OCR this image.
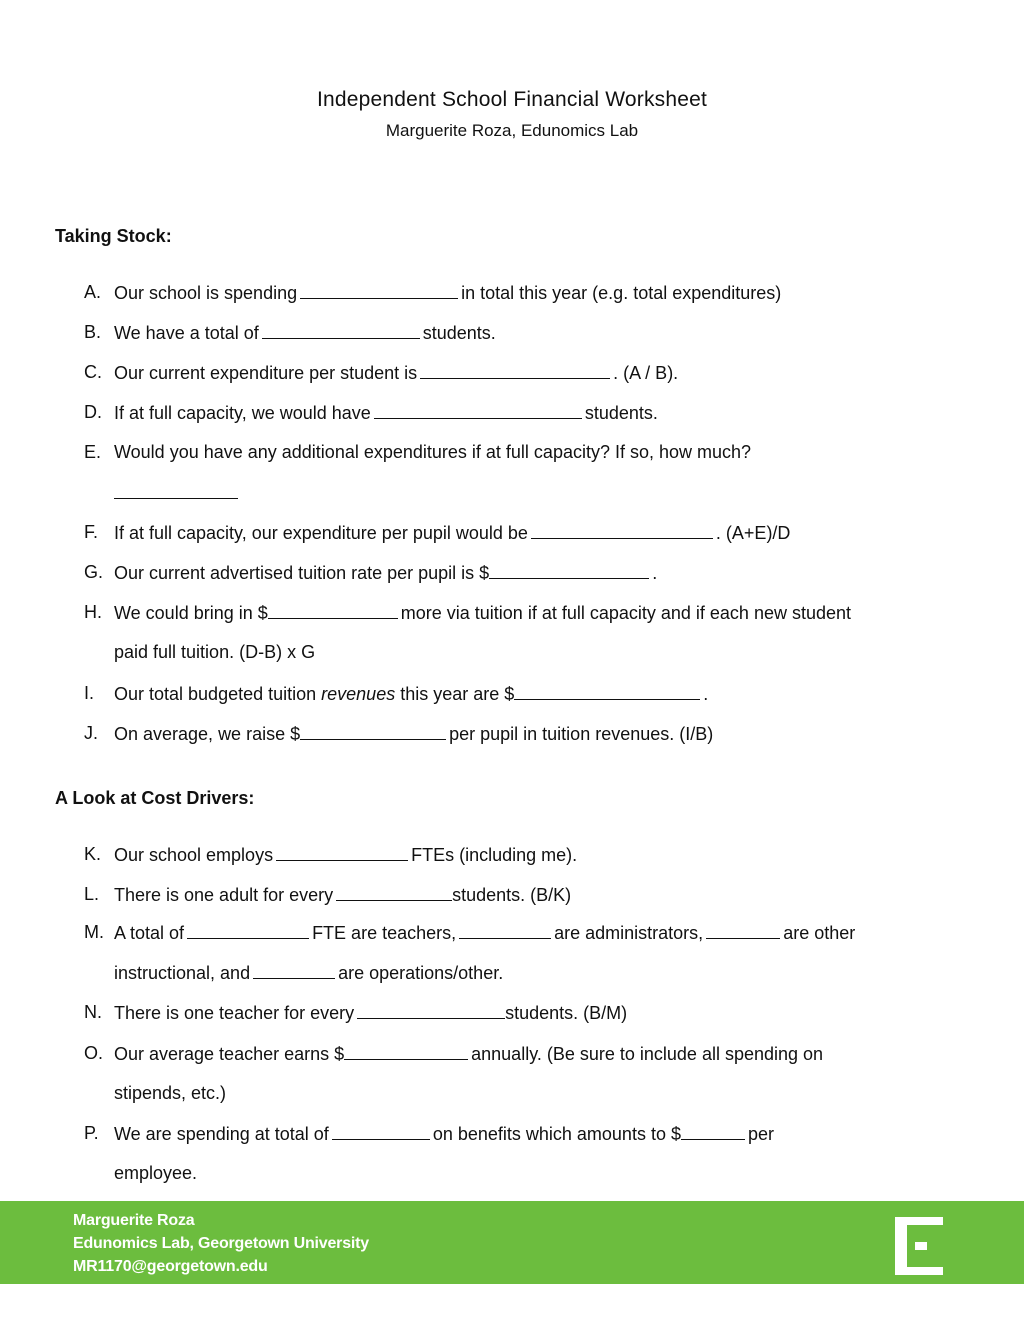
Independent School Financial Worksheet
Marguerite Roza, Edunomics Lab
Taking Stock:
A. Our school is spending	in total this year (e.g. total expenditures)
B. We have a total of	students.
C. Our current expenditure per student is	. (A / B).
D. If at full capacity, we would have	students.
E. Would you have any additional expenditures if at full capacity? If so, how much?
F. If at full capacity, our expenditure per pupil would be	. (A+E)/D
G. Our current advertised tuition rate per pupil is $	.
H. We could bring in $	more via tuition if at full capacity and if each new student
paid full tuition. (D-B) x G
I.	Our total budgeted tuition revenues this year are $	.
J. On average, we raise $	per pupil in tuition revenues. (I/B)
A Look at Cost Drivers:
K. Our school employs	FTEs (including me).
L. There is one adult for every	students. (B/K)
M. A total of	FTE are teachers,	are administrators,	are other
instructional, and	are operations/other.
N. There is one teacher for every	students. (B/M)
O. Our average teacher earns $	annually. (Be sure to include all spending on
stipends, etc.)
P. We are spending at total of	on benefits which amounts to $	per
employee.
Marguerite Roza
Edunomics Lab, Georgetown University
MR1170@georgetown.edu
